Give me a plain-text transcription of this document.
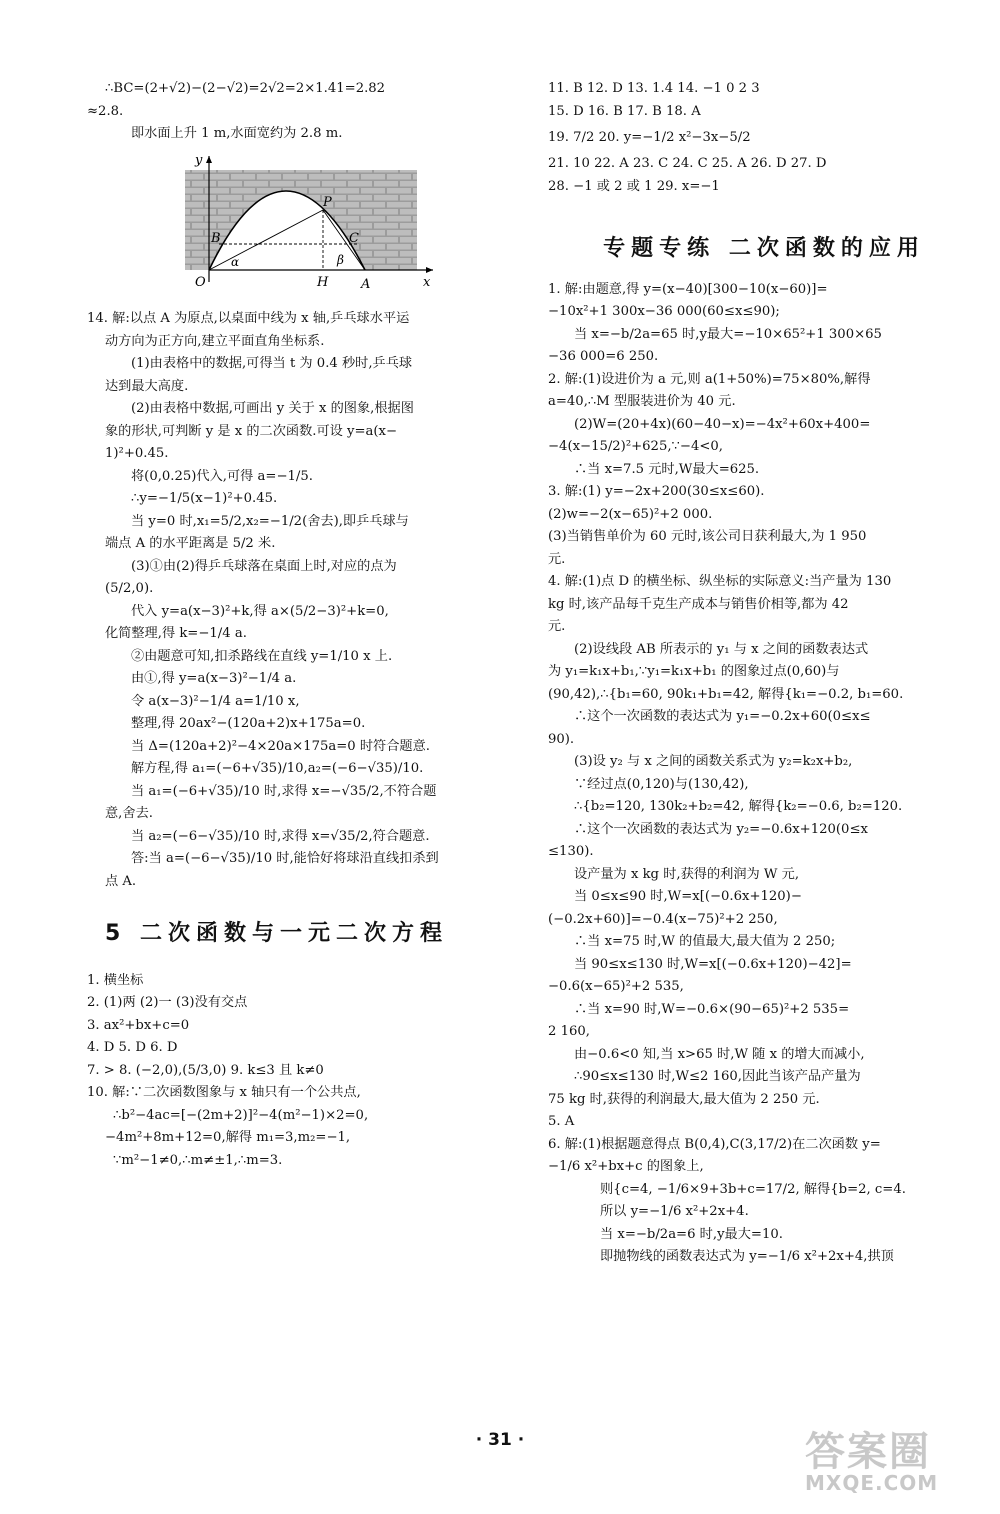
∴BC=(2+√2)−(2−√2)=2√2=2×1.41=2.82
≈2.8.
即水面上升 1 m,水面宽约为 2.8 m.
y
x
O	H	A
B	C
P
α	β
14. 解:以点 A 为原点,以桌面中线为 x 轴,乒乓球水平运
动方向为正方向,建立平面直角坐标系.
(1)由表格中的数据,可得当 t 为 0.4 秒时,乒乓球
达到最大高度.
(2)由表格中数据,可画出 y 关于 x 的图象,根据图
象的形状,可判断 y 是 x 的二次函数.可设 y=a(x−
1)²+0.45.
将(0,0.25)代入,可得 a=−1/5.
∴y=−1/5(x−1)²+0.45.
当 y=0 时,x₁=5/2,x₂=−1/2(舍去),即乒乓球与
端点 A 的水平距离是 5/2 米.
(3)①由(2)得乒乓球落在桌面上时,对应的点为
(5/2,0).
代入 y=a(x−3)²+k,得 a×(5/2−3)²+k=0,
化简整理,得 k=−1/4 a.
②由题意可知,扣杀路线在直线 y=1/10 x 上.
由①,得 y=a(x−3)²−1/4 a.
令 a(x−3)²−1/4 a=1/10 x,
整理,得 20ax²−(120a+2)x+175a=0.
当 Δ=(120a+2)²−4×20a×175a=0 时符合题意.
解方程,得 a₁=(−6+√35)/10,a₂=(−6−√35)/10.
当 a₁=(−6+√35)/10 时,求得 x=−√35/2,不符合题
意,舍去.
当 a₂=(−6−√35)/10 时,求得 x=√35/2,符合题意.
答:当 a=(−6−√35)/10 时,能恰好将球沿直线扣杀到
点 A.
5 二次函数与一元二次方程
1. 横坐标
2. (1)两 (2)一 (3)没有交点
3. ax²+bx+c=0
4. D 5. D 6. D
7. > 8. (−2,0),(5/3,0) 9. k≤3 且 k≠0
10. 解:∵二次函数图象与 x 轴只有一个公共点,
∴b²−4ac=[−(2m+2)]²−4(m²−1)×2=0,
−4m²+8m+12=0,解得 m₁=3,m₂=−1,
∵m²−1≠0,∴m≠±1,∴m=3.
11. B 12. D 13. 1.4 14. −1 0 2 3
15. D 16. B 17. B 18. A
19. 7/2 20. y=−1/2 x²−3x−5/2
21. 10 22. A 23. C 24. C 25. A 26. D 27. D
28. −1 或 2 或 1 29. x=−1
专题专练 二次函数的应用
1. 解:由题意,得 y=(x−40)[300−10(x−60)]=
−10x²+1 300x−36 000(60≤x≤90);
当 x=−b/2a=65 时,y最大=−10×65²+1 300×65
−36 000=6 250.
2. 解:(1)设进价为 a 元,则 a(1+50%)=75×80%,解得
a=40,∴M 型服装进价为 40 元.
(2)W=(20+4x)(60−40−x)=−4x²+60x+400=
−4(x−15/2)²+625,∵−4<0,
∴当 x=7.5 元时,W最大=625.
3. 解:(1) y=−2x+200(30≤x≤60).
(2)w=−2(x−65)²+2 000.
(3)当销售单价为 60 元时,该公司日获利最大,为 1 950
元.
4. 解:(1)点 D 的横坐标、纵坐标的实际意义:当产量为 130
kg 时,该产品每千克生产成本与销售价相等,都为 42
元.
(2)设线段 AB 所表示的 y₁ 与 x 之间的函数表达式
为 y₁=k₁x+b₁,∵y₁=k₁x+b₁ 的图象过点(0,60)与
(90,42),∴{b₁=60, 90k₁+b₁=42, 解得{k₁=−0.2, b₁=60.
∴这个一次函数的表达式为 y₁=−0.2x+60(0≤x≤
90).
(3)设 y₂ 与 x 之间的函数关系式为 y₂=k₂x+b₂,
∵经过点(0,120)与(130,42),
∴{b₂=120, 130k₂+b₂=42, 解得{k₂=−0.6, b₂=120.
∴这个一次函数的表达式为 y₂=−0.6x+120(0≤x
≤130).
设产量为 x kg 时,获得的利润为 W 元,
当 0≤x≤90 时,W=x[(−0.6x+120)−
(−0.2x+60)]=−0.4(x−75)²+2 250,
∴当 x=75 时,W 的值最大,最大值为 2 250;
当 90≤x≤130 时,W=x[(−0.6x+120)−42]=
−0.6(x−65)²+2 535,
∴当 x=90 时,W=−0.6×(90−65)²+2 535=
2 160,
由−0.6<0 知,当 x>65 时,W 随 x 的增大而减小,
∴90≤x≤130 时,W≤2 160,因此当该产品产量为
75 kg 时,获得的利润最大,最大值为 2 250 元.
5. A
6. 解:(1)根据题意得点 B(0,4),C(3,17/2)在二次函数 y=
−1/6 x²+bx+c 的图象上,
则{c=4, −1/6×9+3b+c=17/2, 解得{b=2, c=4.
所以 y=−1/6 x²+2x+4.
当 x=−b/2a=6 时,y最大=10.
即抛物线的函数表达式为 y=−1/6 x²+2x+4,拱顶
· 31 ·	答案圈
MXQE.COM
